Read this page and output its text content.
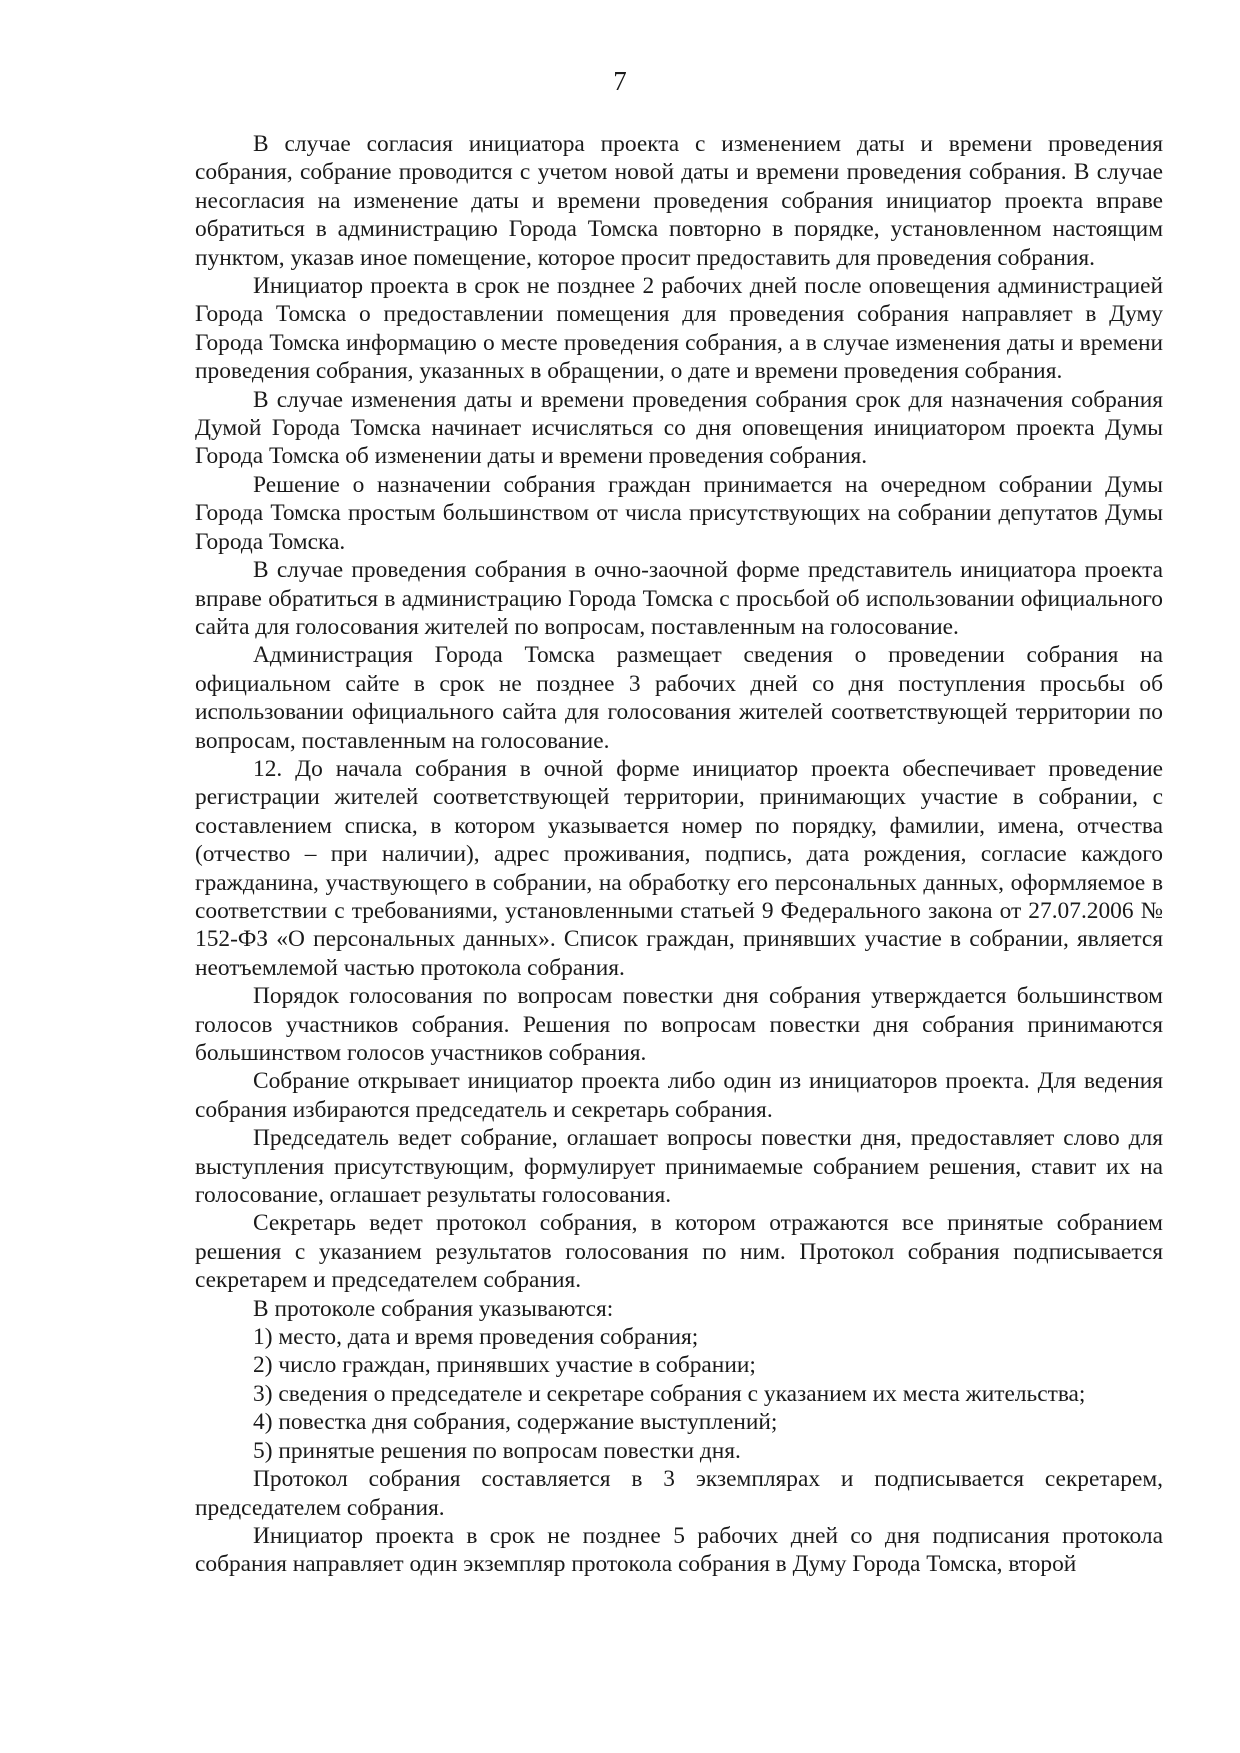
7

В случае согласия инициатора проекта с изменением даты и времени проведения собрания, собрание проводится с учетом новой даты и времени проведения собрания. В случае несогласия на изменение даты и времени проведения собрания инициатор проекта вправе обратиться в администрацию Города Томска повторно в порядке, установленном настоящим пунктом, указав иное помещение, которое просит предоставить для проведения собрания.

Инициатор проекта в срок не позднее 2 рабочих дней после оповещения администрацией Города Томска о предоставлении помещения для проведения собрания направляет в Думу Города Томска информацию о месте проведения собрания, а в случае изменения даты и времени проведения собрания, указанных в обращении, о дате и времени проведения собрания.

В случае изменения даты и времени проведения собрания срок для назначения собрания Думой Города Томска начинает исчисляться со дня оповещения инициатором проекта Думы Города Томска об изменении даты и времени проведения собрания.

Решение о назначении собрания граждан принимается на очередном собрании Думы Города Томска простым большинством от числа присутствующих на собрании депутатов Думы Города Томска.

В случае проведения собрания в очно-заочной форме представитель инициатора проекта вправе обратиться в администрацию Города Томска с просьбой об использовании официального сайта для голосования жителей по вопросам, поставленным на голосование.

Администрация Города Томска размещает сведения о проведении собрания на официальном сайте в срок не позднее 3 рабочих дней со дня поступления просьбы об использовании официального сайта для голосования жителей соответствующей территории по вопросам, поставленным на голосование.

12. До начала собрания в очной форме инициатор проекта обеспечивает проведение регистрации жителей соответствующей территории, принимающих участие в собрании, с составлением списка, в котором указывается номер по порядку, фамилии, имена, отчества (отчество – при наличии), адрес проживания, подпись, дата рождения, согласие каждого гражданина, участвующего в собрании, на обработку его персональных данных, оформляемое в соответствии с требованиями, установленными статьей 9 Федерального закона от 27.07.2006 № 152-ФЗ «О персональных данных». Список граждан, принявших участие в собрании, является неотъемлемой частью протокола собрания.

Порядок голосования по вопросам повестки дня собрания утверждается большинством голосов участников собрания. Решения по вопросам повестки дня собрания принимаются большинством голосов участников собрания.

Собрание открывает инициатор проекта либо один из инициаторов проекта. Для ведения собрания избираются председатель и секретарь собрания.

Председатель ведет собрание, оглашает вопросы повестки дня, предоставляет слово для выступления присутствующим, формулирует принимаемые собранием решения, ставит их на голосование, оглашает результаты голосования.

Секретарь ведет протокол собрания, в котором отражаются все принятые собранием решения с указанием результатов голосования по ним. Протокол собрания подписывается секретарем и председателем собрания.

В протоколе собрания указываются:

1) место, дата и время проведения собрания;

2) число граждан, принявших участие в собрании;

3) сведения о председателе и секретаре собрания с указанием их места жительства;

4) повестка дня собрания, содержание выступлений;

5) принятые решения по вопросам повестки дня.

Протокол собрания составляется в 3 экземплярах и подписывается секретарем, председателем собрания.

Инициатор проекта в срок не позднее 5 рабочих дней со дня подписания протокола собрания направляет один экземпляр протокола собрания в Думу Города Томска, второй
